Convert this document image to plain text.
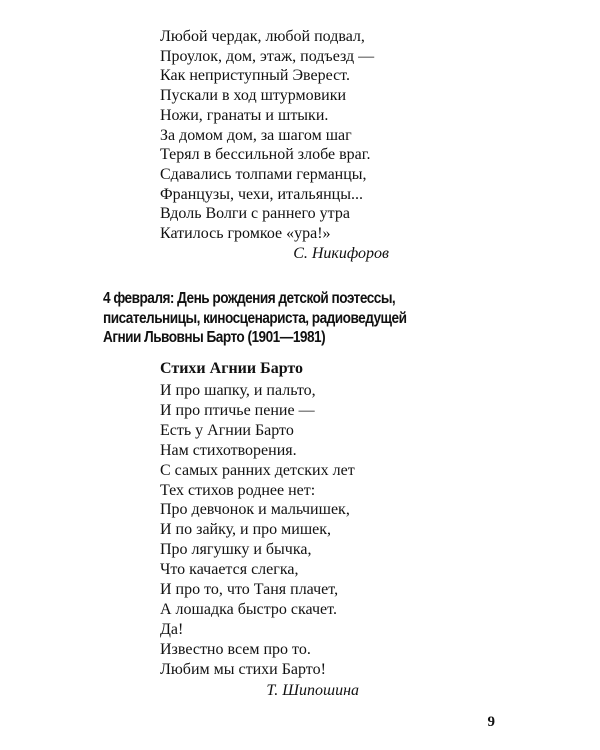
Любой чердак, любой подвал,
Проулок, дом, этаж, подъезд —
Как неприступный Эверест.
Пускали в ход штурмовики
Ножи, гранаты и штыки.
За домом дом, за шагом шаг
Терял в бессильной злобе враг.
Сдавались толпами германцы,
Французы, чехи, итальянцы...
Вдоль Волги с раннего утра
Катилось громкое «ура!»
С. Никифоров
4 февраля: День рождения детской поэтессы,
писательницы, киносценариста, радиоведущей
Агнии Львовны Барто (1901—1981)
Стихи Агнии Барто
И про шапку, и пальто,
И про птичье пение —
Есть у Агнии Барто
Нам стихотворения.
С самых ранних детских лет
Тех стихов роднее нет:
Про девчонок и мальчишек,
И по зайку, и про мишек,
Про лягушку и бычка,
Что качается слегка,
И про то, что Таня плачет,
А лошадка быстро скачет.
Да!
Известно всем про то.
Любим мы стихи Барто!
Т. Шипошина
9
